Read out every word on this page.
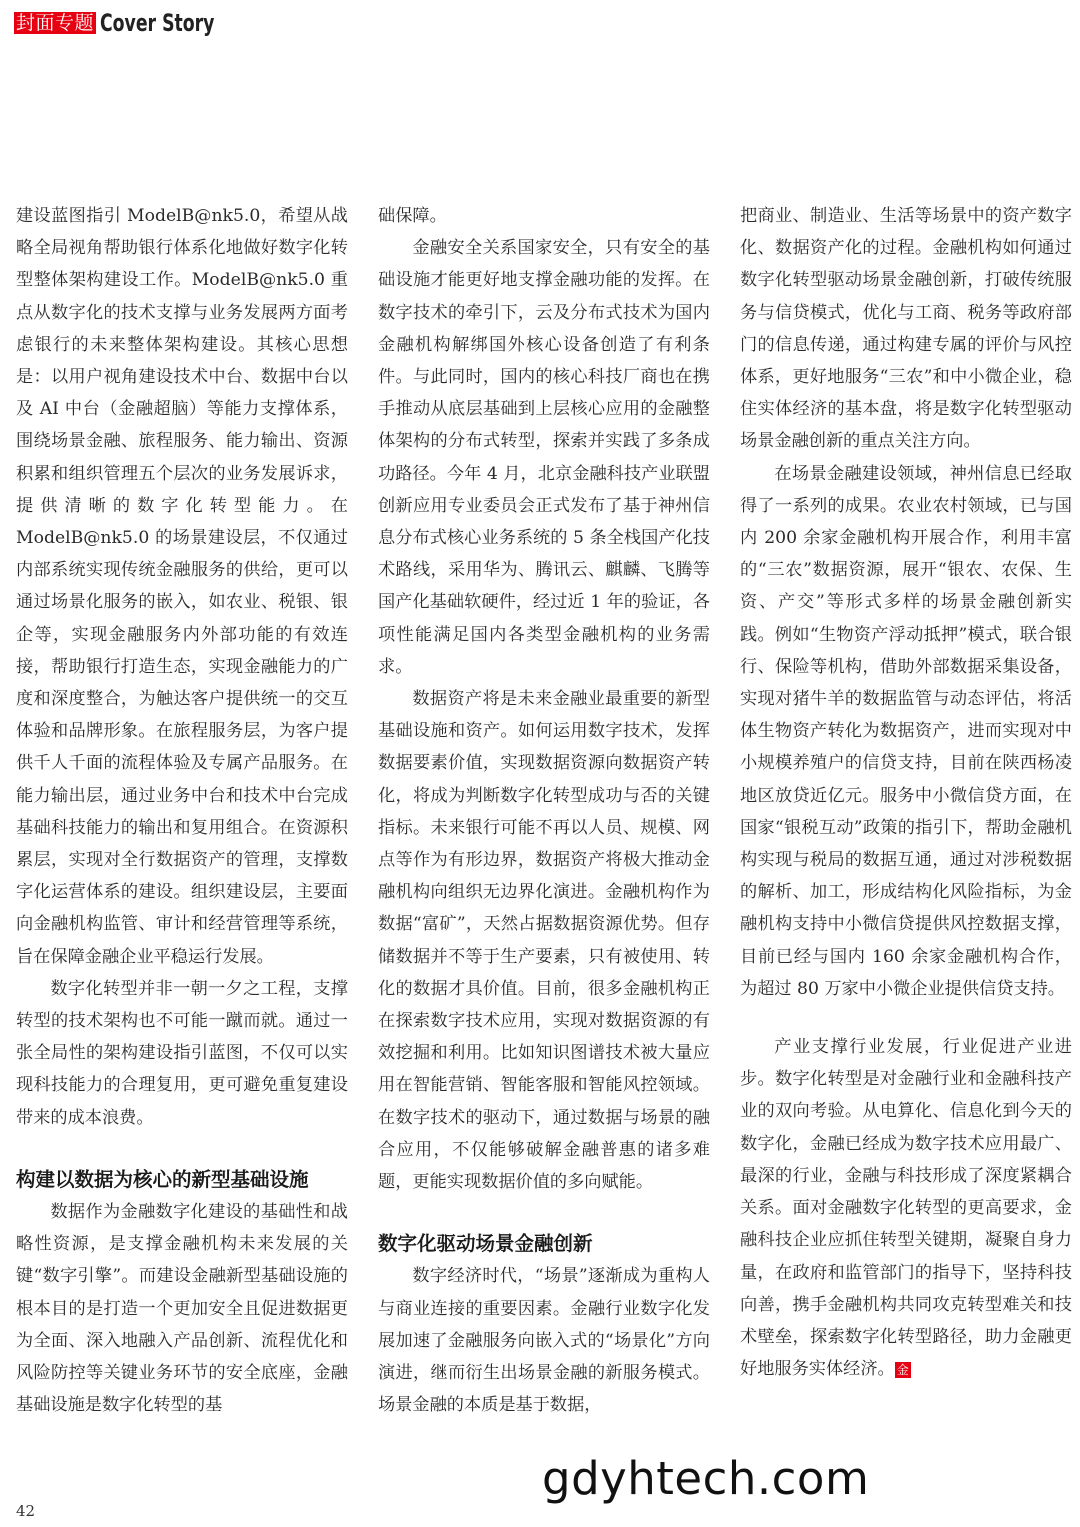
封面专题 Cover Story

建设蓝图指引 ModelB@nk5.0，希望从战略全局视角帮助银行体系化地做好数字化转型整体架构建设工作。ModelB@nk5.0 重点从数字化的技术支撑与业务发展两方面考虑银行的未来整体架构建设。其核心思想是：以用户视角建设技术中台、数据中台以及 AI 中台（金融超脑）等能力支撑体系，围绕场景金融、旅程服务、能力输出、资源积累和组织管理五个层次的业务发展诉求，提供清晰的数字化转型能力。在 ModelB@nk5.0 的场景建设层，不仅通过内部系统实现传统金融服务的供给，更可以通过场景化服务的嵌入，如农业、税银、银企等，实现金融服务内外部功能的有效连接，帮助银行打造生态，实现金融能力的广度和深度整合，为触达客户提供统一的交互体验和品牌形象。在旅程服务层，为客户提供千人千面的流程体验及专属产品服务。在能力输出层，通过业务中台和技术中台完成基础科技能力的输出和复用组合。在资源积累层，实现对全行数据资产的管理，支撑数字化运营体系的建设。组织建设层，主要面向金融机构监管、审计和经营管理等系统，旨在保障金融企业平稳运行发展。

数字化转型并非一朝一夕之工程，支撑转型的技术架构也不可能一蹴而就。通过一张全局性的架构建设指引蓝图，不仅可以实现科技能力的合理复用，更可避免重复建设带来的成本浪费。

构建以数据为核心的新型基础设施

数据作为金融数字化建设的基础性和战略性资源，是支撑金融机构未来发展的关键“数字引擎”。而建设金融新型基础设施的根本目的是打造一个更加安全且促进数据更为全面、深入地融入产品创新、流程优化和风险防控等关键业务环节的安全底座，金融基础设施是数字化转型的基

础保障。

金融安全关系国家安全，只有安全的基础设施才能更好地支撑金融功能的发挥。在数字技术的牵引下，云及分布式技术为国内金融机构解绑国外核心设备创造了有利条件。与此同时，国内的核心科技厂商也在携手推动从底层基础到上层核心应用的金融整体架构的分布式转型，探索并实践了多条成功路径。今年 4 月，北京金融科技产业联盟创新应用专业委员会正式发布了基于神州信息分布式核心业务系统的 5 条全栈国产化技术路线，采用华为、腾讯云、麒麟、飞腾等国产化基础软硬件，经过近 1 年的验证，各项性能满足国内各类型金融机构的业务需求。

数据资产将是未来金融业最重要的新型基础设施和资产。如何运用数字技术，发挥数据要素价值，实现数据资源向数据资产转化，将成为判断数字化转型成功与否的关键指标。未来银行可能不再以人员、规模、网点等作为有形边界，数据资产将极大推动金融机构向组织无边界化演进。金融机构作为数据“富矿”，天然占据数据资源优势。但存储数据并不等于生产要素，只有被使用、转化的数据才具价值。目前，很多金融机构正在探索数字技术应用，实现对数据资源的有效挖掘和利用。比如知识图谱技术被大量应用在智能营销、智能客服和智能风控领域。在数字技术的驱动下，通过数据与场景的融合应用，不仅能够破解金融普惠的诸多难题，更能实现数据价值的多向赋能。

数字化驱动场景金融创新

数字经济时代，“场景”逐渐成为重构人与商业连接的重要因素。金融行业数字化发展加速了金融服务向嵌入式的“场景化”方向演进，继而衍生出场景金融的新服务模式。场景金融的本质是基于数据，

把商业、制造业、生活等场景中的资产数字化、数据资产化的过程。金融机构如何通过数字化转型驱动场景金融创新，打破传统服务与信贷模式，优化与工商、税务等政府部门的信息传递，通过构建专属的评价与风控体系，更好地服务“三农”和中小微企业，稳住实体经济的基本盘，将是数字化转型驱动场景金融创新的重点关注方向。

在场景金融建设领域，神州信息已经取得了一系列的成果。农业农村领域，已与国内 200 余家金融机构开展合作，利用丰富的“三农”数据资源，展开“银农、农保、生资、产交”等形式多样的场景金融创新实践。例如“生物资产浮动抵押”模式，联合银行、保险等机构，借助外部数据采集设备，实现对猪牛羊的数据监管与动态评估，将活体生物资产转化为数据资产，进而实现对中小规模养殖户的信贷支持，目前在陕西杨凌地区放贷近亿元。服务中小微信贷方面，在国家“银税互动”政策的指引下，帮助金融机构实现与税局的数据互通，通过对涉税数据的解析、加工，形成结构化风险指标，为金融机构支持中小微信贷提供风控数据支撑，目前已经与国内 160 余家金融机构合作，为超过 80 万家中小微企业提供信贷支持。

产业支撑行业发展，行业促进产业进步。数字化转型是对金融行业和金融科技产业的双向考验。从电算化、信息化到今天的数字化，金融已经成为数字技术应用最广、最深的行业，金融与科技形成了深度紧耦合关系。面对金融数字化转型的更高要求，金融科技企业应抓住转型关键期，凝聚自身力量，在政府和监管部门的指导下，坚持科技向善，携手金融机构共同攻克转型难关和技术壁垒，探索数字化转型路径，助力金融更好地服务实体经济。 金

42
gdyhtech.com
